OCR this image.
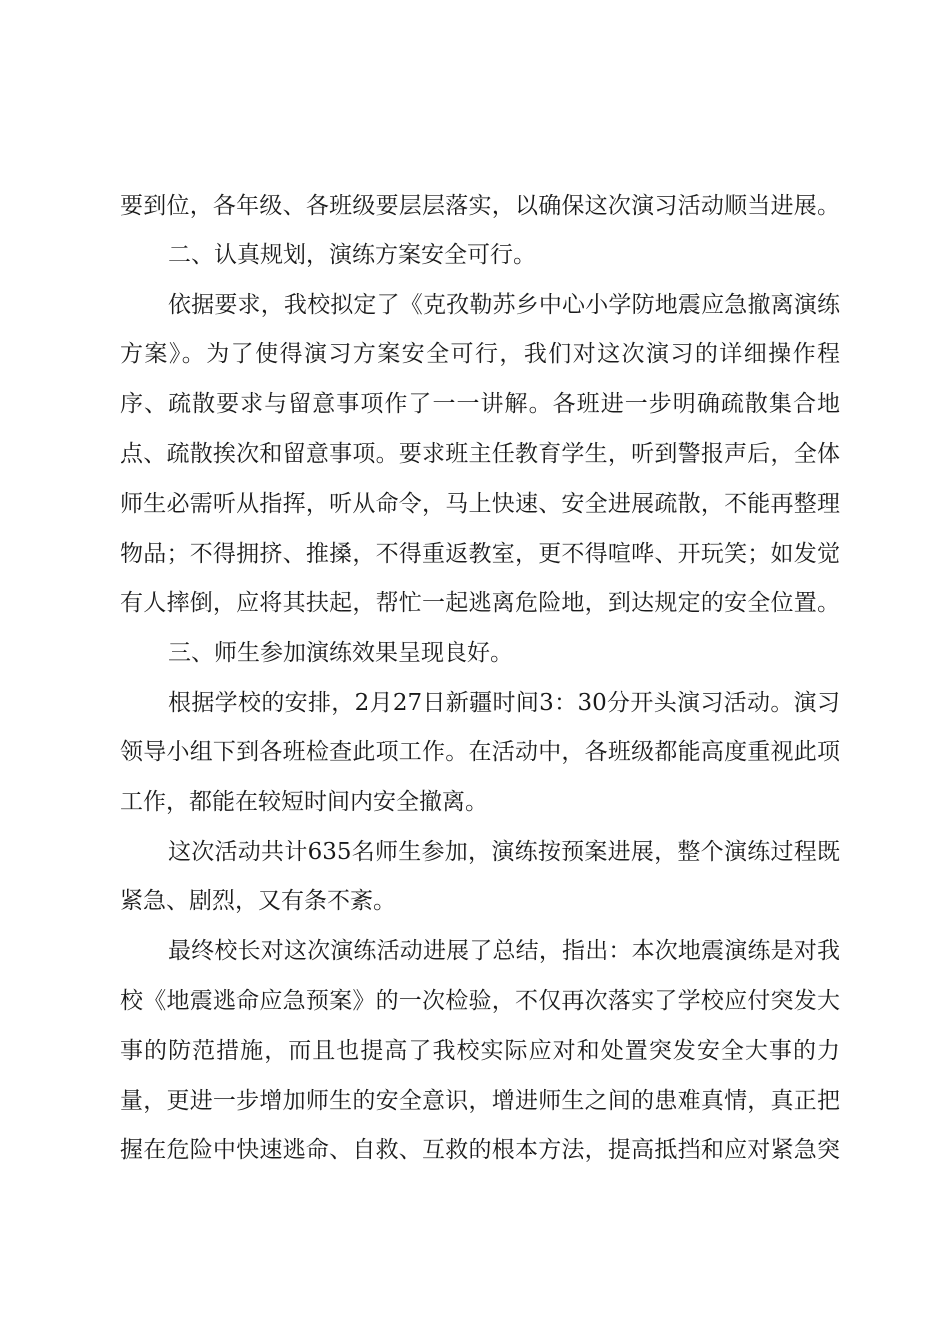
要到位，各年级、各班级要层层落实，以确保这次演习活动顺当进展。
二、认真规划，演练方案安全可行。
依据要求，我校拟定了《克孜勒苏乡中心小学防地震应急撤离演练
方案》。为了使得演习方案安全可行，我们对这次演习的详细操作程
序、疏散要求与留意事项作了一一讲解。各班进一步明确疏散集合地
点、疏散挨次和留意事项。要求班主任教育学生，听到警报声后，全体
师生必需听从指挥，听从命令，马上快速、安全进展疏散，不能再整理
物品；不得拥挤、推搡，不得重返教室，更不得喧哗、开玩笑；如发觉
有人摔倒，应将其扶起，帮忙一起逃离危险地，到达规定的安全位置。
三、师生参加演练效果呈现良好。
根据学校的安排，2月27日新疆时间3：30分开头演习活动。演习
领导小组下到各班检查此项工作。在活动中，各班级都能高度重视此项
工作，都能在较短时间内安全撤离。
这次活动共计635名师生参加，演练按预案进展，整个演练过程既
紧急、剧烈，又有条不紊。
最终校长对这次演练活动进展了总结，指出：本次地震演练是对我
校《地震逃命应急预案》的一次检验，不仅再次落实了学校应付突发大
事的防范措施，而且也提高了我校实际应对和处置突发安全大事的力
量，更进一步增加师生的安全意识，增进师生之间的患难真情，真正把
握在危险中快速逃命、自救、互救的根本方法，提高抵挡和应对紧急突
